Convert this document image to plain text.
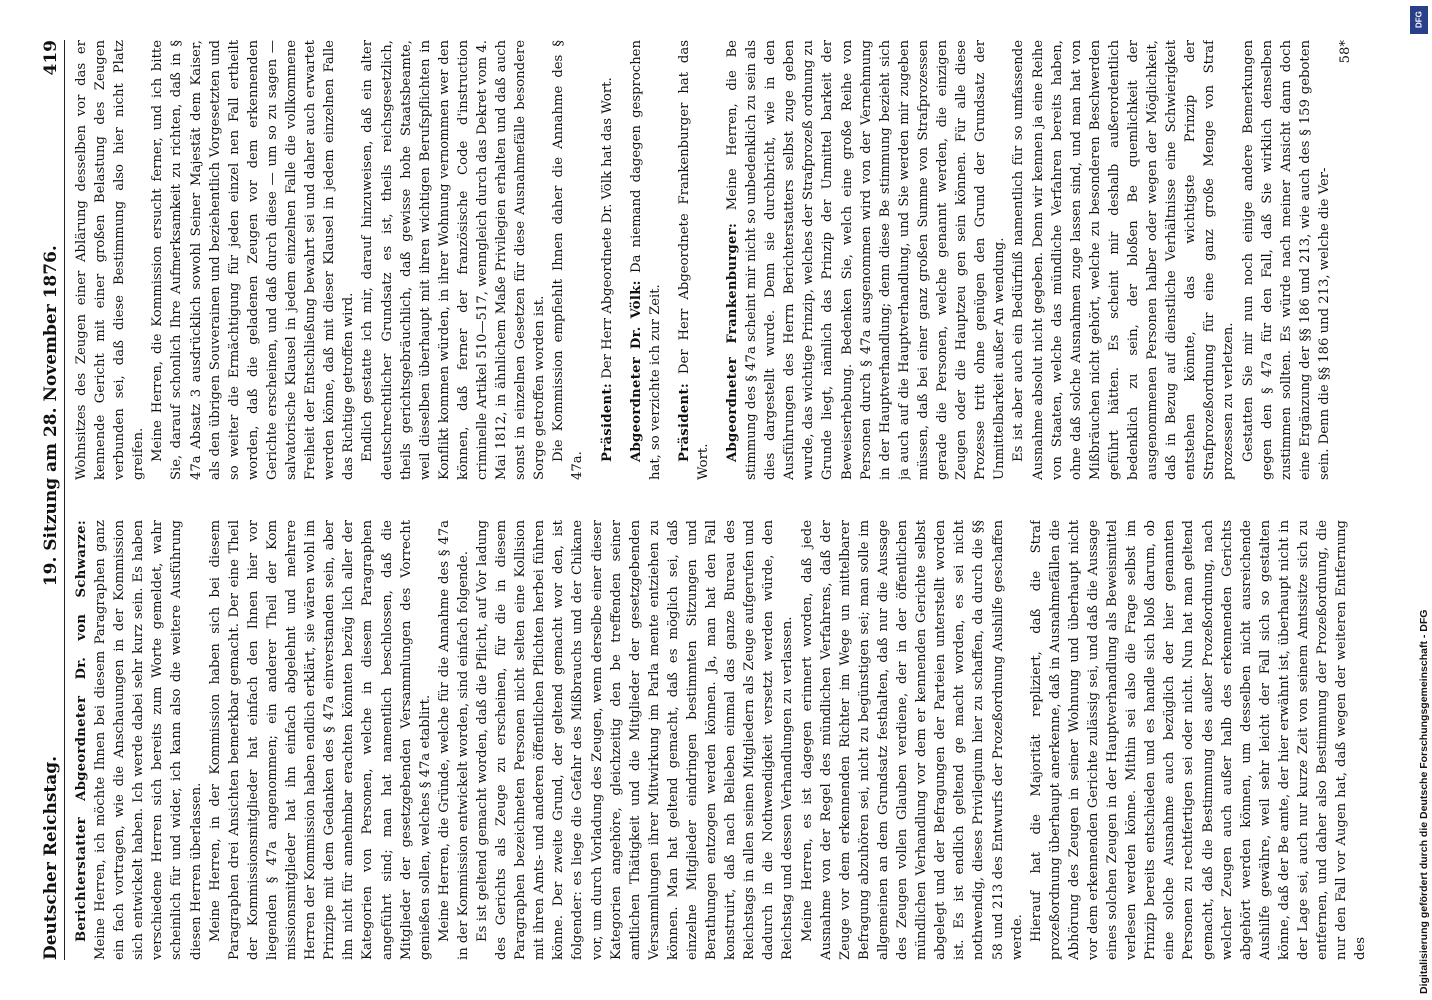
Deutscher Reichstag.
19. Sitzung am 28. November 1876.
419

Berichterstatter Abgeordneter Dr. von Schwarze: Meine Herren, ich möchte Ihnen bei diesem Paragraphen ganz ein fach vortragen, wie die Anschauungen in der Kommission sich entwickelt haben. Ich werde dabei sehr kurz sein. Es haben verschiedene Herren sich bereits zum Worte gemeldet, wahr scheinlich für und wider, ich kann also die weitere Ausführung diesen Herren überlassen. Meine Herren, in der Kommission haben sich bei diesem Paragraphen drei Ansichten bemerkbar gemacht. Der eine Theil der Kommissionsmitglieder hat einfach den Ihnen hier vor liegenden § 47a angenommen; ein anderer Theil der Kom missionsmitglieder hat ihn einfach abgelehnt und mehrere Herren der Kommission haben endlich erklärt, sie wären wohl im Prinzipe mit dem Gedanken des § 47a einverstanden sein, aber ihn nicht für annehmbar erachten könnten bezüg lich aller der Kategorien von Personen, welche in diesem Paragraphen angeführt sind; man hat namentlich beschlossen, daß die Mitglieder der gesetzgebenden Versammlungen des Vorrecht genießen sollen, welches § 47a etablirt. Meine Herren, die Gründe, welche für die Annahme des § 47a in der Kommission entwickelt worden, sind einfach folgende. Es ist geltend gemacht worden, daß die Pflicht, auf Vor ladung des Gerichts als Zeuge zu erscheinen, für die in diesem Paragraphen bezeichneten Personen nicht selten eine Kollision mit ihren Amts- und anderen öffentlichen Pflichten herbei führen könne. Der zweite Grund, der geltend gemacht wor den, ist folgender: es liege die Gefahr des Mißbrauchs und der Chikane vor, um durch Vorladung des Zeugen, wenn derselbe einer dieser Kategorien angehöre, gleichzeitig den be treffenden seiner amtlichen Thätigkeit und die Mitglieder der gesetzgebenden Versammlungen ihrer Mitwirkung im Parla mente entziehen zu können. Man hat geltend gemacht, daß es möglich sei, daß einzelne Mitglieder eindringen bestimmten Sitzungen und Berathungen entzogen werden können. Ja, man hat den Fall konstruirt, daß nach Belieben einmal das ganze Bureau des Reichstags in allen seinen Mitgliedern als Zeuge aufgerufen und dadurch in die Nothwendigkeit versetzt werden würde, den Reichstag und dessen Verhandlungen zu verlassen. Meine Herren, es ist dagegen erinnert worden, daß jede Ausnahme von der Regel des mündlichen Verfahrens, daß der Zeuge vor dem erkennenden Richter im Wege un mittelbarer Befragung abzuhören sei, nicht zu begünstigen sei; man solle im allgemeinen an dem Grundsatz festhalten, daß nur die Aussage des Zeugen vollen Glauben verdiene, der in der öffentlichen mündlichen Verhandlung vor dem er kennenden Gerichte selbst abgelegt und der Befragungen der Parteien unterstellt worden ist. Es ist endlich geltend ge macht worden, es sei nicht nothwendig, dieses Privilegium hier zu schaffen, da durch die §§ 58 und 213 des Entwurfs der Prozeßordnung Aushilfe geschaffen werde. Hierauf hat die Majorität repliziert, daß die Straf prozeßordnung überhaupt anerkenne, daß in Ausnahmefällen die Abhörung des Zeugen in seiner Wohnung und überhaupt nicht vor dem erkennenden Gerichte zulässig sei, und daß die Aussage eines solchen Zeugen in der Hauptverhandlung als Beweismittel verlesen werden könne. Mithin sei also die Frage selbst im Prinzip bereits entschieden und es handle sich bloß darum, ob eine solche Ausnahme auch bezüglich der hier genannten Personen zu rechtfertigen sei oder nicht. Nun hat man geltend gemacht, daß die Bestimmung des außer Prozeßordnung, nach welcher Zeugen auch außer halb des erkennenden Gerichts abgehört werden können, um desselben nicht ausreichende Aushilfe gewähre, weil sehr leicht der Fall sich so gestalten könne, daß der Be amte, der hier erwähnt ist, überhaupt nicht in der Lage sei, auch nur kurze Zeit von seinem Amtssitze sich zu entfernen, und daher also Bestimmung der Prozeßordnung, die nur den Fall vor Augen hat, daß wegen der weiteren Entfernung des

Wohnsitzes des Zeugen einer Ablärung desselben vor das er kennende Gericht mit einer großen Belastung des Zeugen verbunden sei, daß diese Bestimmung also hier nicht Platz greifen. Meine Herren, die Kommission ersucht ferner, und ich bitte Sie, darauf schonlich Ihre Aufmerksamkeit zu richten, daß in § 47a Absatz 3 ausdrücklich sowohl Seiner Majestät dem Kaiser, als den übrigen Souverainen und beziehentlich Vorgesetzten und so weiter die Ermächtigung für jeden einzel nen Fall ertheilt worden, daß die geladenen Zeugen vor dem erkennenden Gerichte erscheinen, und daß durch diese — um so zu sagen — salvatorische Klausel in jedem einzelnen Falle die vollkommene Freiheit der Entschließung bewahrt sei und daher auch erwartet werden könne, daß mit dieser Klausel in jedem einzelnen Falle das Richtige getroffen wird. Endlich gestatte ich mir, darauf hinzuweisen, daß ein alter deutschrechtlicher Grundsatz es ist, theils reichsgesetzlich, theils gerichtsgebräuchlich, daß gewisse hohe Staatsbeamte, weil dieselben überhaupt mit ihren wichtigen Berufspflichten in Konflikt kommen würden, in ihrer Wohnung vernommen wer den können, daß ferner der französische Code d'instruction criminelle Artikel 510—517, wenngleich durch das Dekret vom 4. Mai 1812, in ähnlichem Maße Privilegien erhalten und daß auch sonst in einzelnen Gesetzen für diese Ausnahmefälle besondere Sorge getroffen worden ist. Die Kommission empfiehlt Ihnen daher die Annahme des § 47a.

Präsident: Der Herr Abgeordnete Dr. Völk hat das Wort. Abgeordneter Dr. Völk: Da niemand dagegen gesprochen hat, so verzichte ich zur Zeit. Präsident: Der Herr Abgeordnete Frankenburger hat das Wort. Abgeordneter Frankenburger: Meine Herren, die Be stimmung des § 47a scheint mir nicht so unbedenklich zu sein als dies dargestellt wurde. Denn sie durchbricht, wie in den Ausführungen des Herrn Berichterstatters selbst zuge geben wurde, das wichtige Prinzip, welches der Strafprozeß ordnung zu Grunde liegt, nämlich das Prinzip der Unmittel barkeit der Beweiserhebung. Bedenken Sie, welch eine große Reihe von Personen durch § 47a ausgenommen wird von der Vernehmung in der Hauptverhandlung; denn diese Be stimmung bezieht sich ja auch auf die Hauptverhandlung, und Sie werden mir zugeben müssen, daß bei einer ganz großen Summe von Strafprozessen gerade die Personen, welche genannt werden, die einzigen Zeugen oder die Hauptzeu gen sein können. Für alle diese Prozesse tritt ohne genügen den Grund der Grundsatz der Unmittelbarkeit außer An wendung. Es ist aber auch ein Bedürfniß namentlich für so umfassende Ausnahme absolut nicht gegeben. Denn wir kennen ja eine Reihe von Staaten, welche das mündliche Verfahren bereits haben, ohne daß solche Ausnahmen zuge lassen sind, und man hat von Mißbräuchen nicht gehört, welche zu besonderen Beschwerden geführt hätten. Es scheint mir deshalb außerordentlich bedenklich zu sein, der bloßen Be quemlichkeit der ausgenommenen Personen halber oder wegen der Möglichkeit, daß in Bezug auf dienstliche Verhältnisse eine Schwierigkeit entstehen könnte, das wichtigste Prinzip der Strafprozeßordnung für eine ganz große Menge von Straf prozessen zu verletzen. Gestatten Sie mir nun noch einige andere Bemerkungen gegen den § 47a für den Fall, daß Sie wirklich denselben zustimmen sollten. Es würde nach meiner Ansicht dann doch eine Ergänzung der §§ 186 und 213, wie auch des § 159 geboten sein. Denn die §§ 186 und 213, welche die Ver-

58*
Digitalisierung gefördert durch die Deutsche Forschungsgemeinschaft - DFG
DFG
